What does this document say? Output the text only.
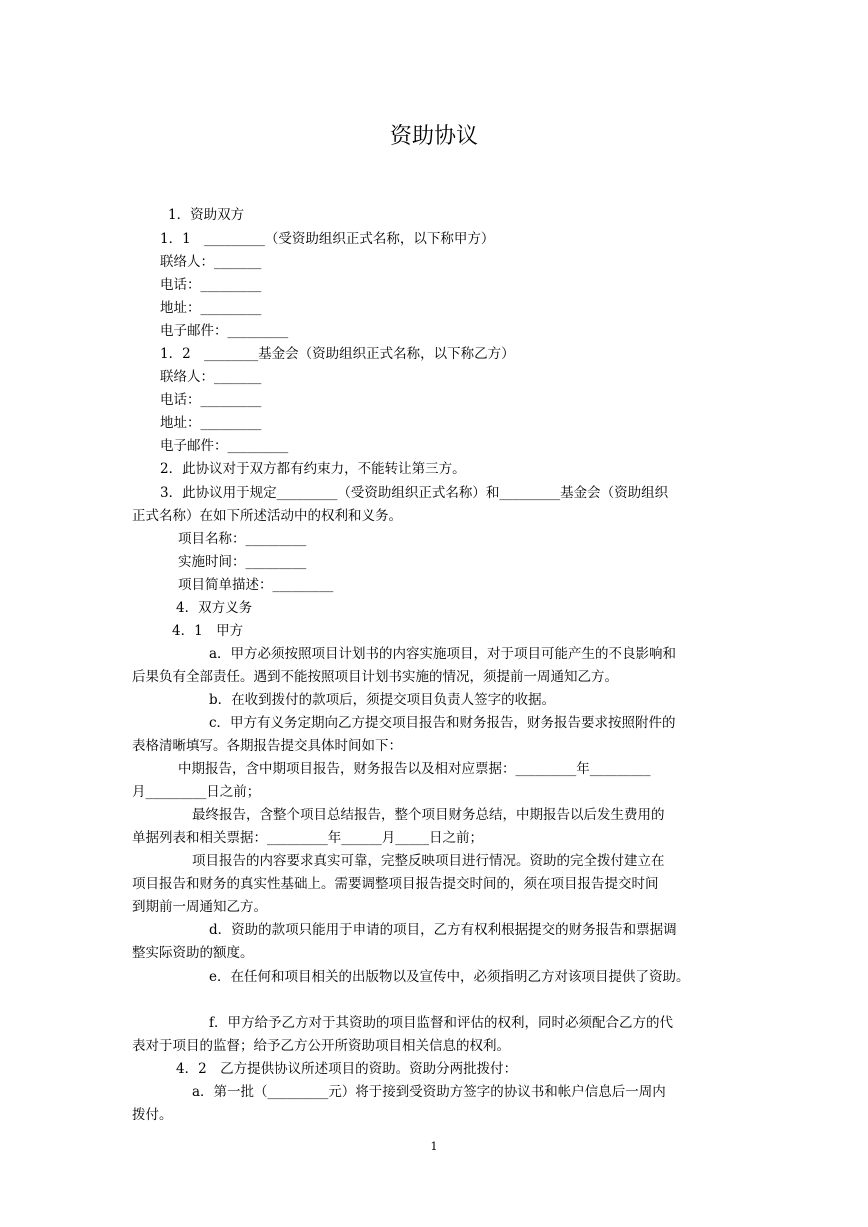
资助协议
1．资助双方
1．1　_________（受资助组织正式名称，以下称甲方）
联络人：_______
电话：_________
地址：_________
电子邮件：_________
1．2　________基金会（资助组织正式名称，以下称乙方）
联络人：_______
电话：_________
地址：_________
电子邮件：_________
2．此协议对于双方都有约束力，不能转让第三方。
3．此协议用于规定_________（受资助组织正式名称）和_________基金会（资助组织
正式名称）在如下所述活动中的权利和义务。
项目名称：_________
实施时间：_________
项目简单描述：_________
4．双方义务
4．1　甲方
a．甲方必须按照项目计划书的内容实施项目，对于项目可能产生的不良影响和
后果负有全部责任。遇到不能按照项目计划书实施的情况，须提前一周通知乙方。
b．在收到拨付的款项后，须提交项目负责人签字的收据。
c．甲方有义务定期向乙方提交项目报告和财务报告，财务报告要求按照附件的
表格清晰填写。各期报告提交具体时间如下：
中期报告，含中期项目报告，财务报告以及相对应票据：_________年_________
月_________日之前；
最终报告，含整个项目总结报告，整个项目财务总结，中期报告以后发生费用的
单据列表和相关票据：_________年______月_____日之前；
项目报告的内容要求真实可靠，完整反映项目进行情况。资助的完全拨付建立在
项目报告和财务的真实性基础上。需要调整项目报告提交时间的，须在项目报告提交时间
到期前一周通知乙方。
d．资助的款项只能用于申请的项目，乙方有权利根据提交的财务报告和票据调
整实际资助的额度。
e．在任何和项目相关的出版物以及宣传中，必须指明乙方对该项目提供了资助。
f．甲方给予乙方对于其资助的项目监督和评估的权利，同时必须配合乙方的代
表对于项目的监督；给予乙方公开所资助项目相关信息的权利。
4．2　乙方提供协议所述项目的资助。资助分两批拨付：
a．第一批（_________元）将于接到受资助方签字的协议书和帐户信息后一周内
拨付。
1
